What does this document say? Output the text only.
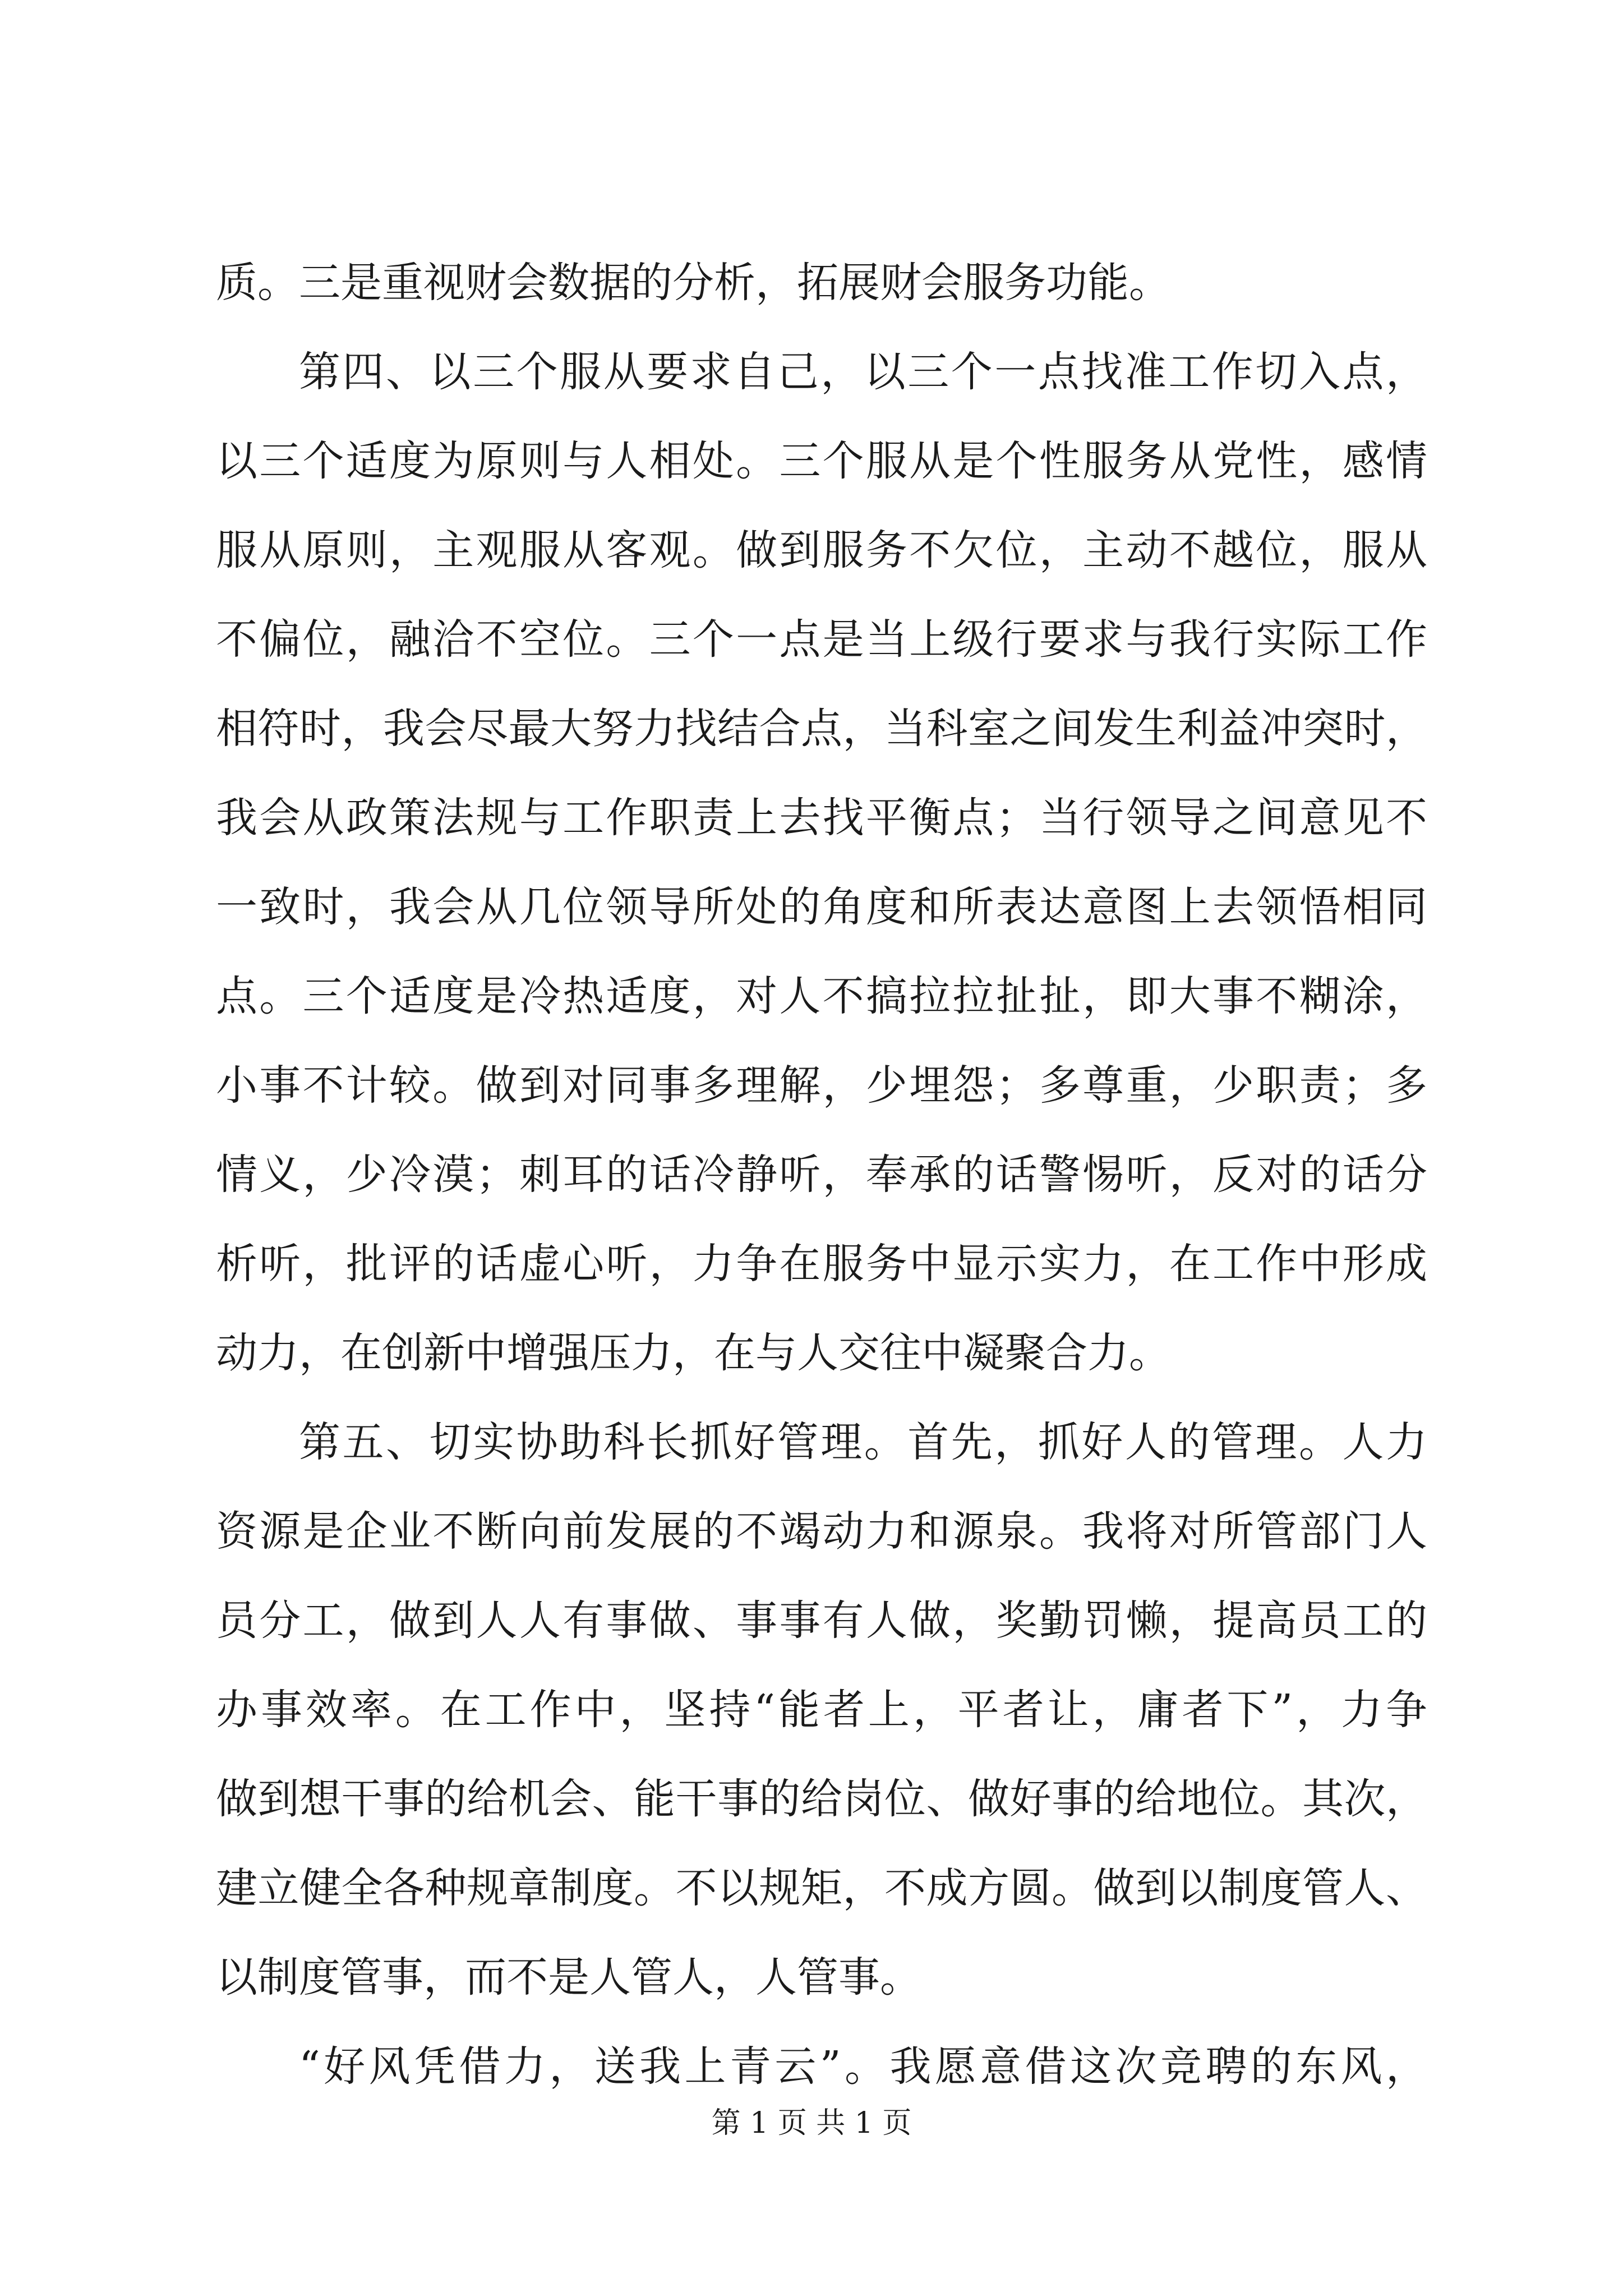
质。三是重视财会数据的分析，拓展财会服务功能。
第四、以三个服从要求自己，以三个一点找准工作切入点，
以三个适度为原则与人相处。三个服从是个性服务从党性，感情
服从原则，主观服从客观。做到服务不欠位，主动不越位，服从
不偏位，融洽不空位。三个一点是当上级行要求与我行实际工作
相符时，我会尽最大努力找结合点，当科室之间发生利益冲突时，
我会从政策法规与工作职责上去找平衡点；当行领导之间意见不
一致时，我会从几位领导所处的角度和所表达意图上去领悟相同
点。三个适度是冷热适度，对人不搞拉拉扯扯，即大事不糊涂，
小事不计较。做到对同事多理解，少埋怨；多尊重，少职责；多
情义，少冷漠；刺耳的话冷静听，奉承的话警惕听，反对的话分
析听，批评的话虚心听，力争在服务中显示实力，在工作中形成
动力，在创新中增强压力，在与人交往中凝聚合力。
第五、切实协助科长抓好管理。首先，抓好人的管理。人力
资源是企业不断向前发展的不竭动力和源泉。我将对所管部门人
员分工，做到人人有事做、事事有人做，奖勤罚懒，提高员工的
办事效率。在工作中，坚持“能者上，平者让，庸者下”，力争
做到想干事的给机会、能干事的给岗位、做好事的给地位。其次，
建立健全各种规章制度。不以规矩，不成方圆。做到以制度管人、
以制度管事，而不是人管人，人管事。
“好风凭借力，送我上青云”。我愿意借这次竞聘的东风，
第 1 页 共 1 页
